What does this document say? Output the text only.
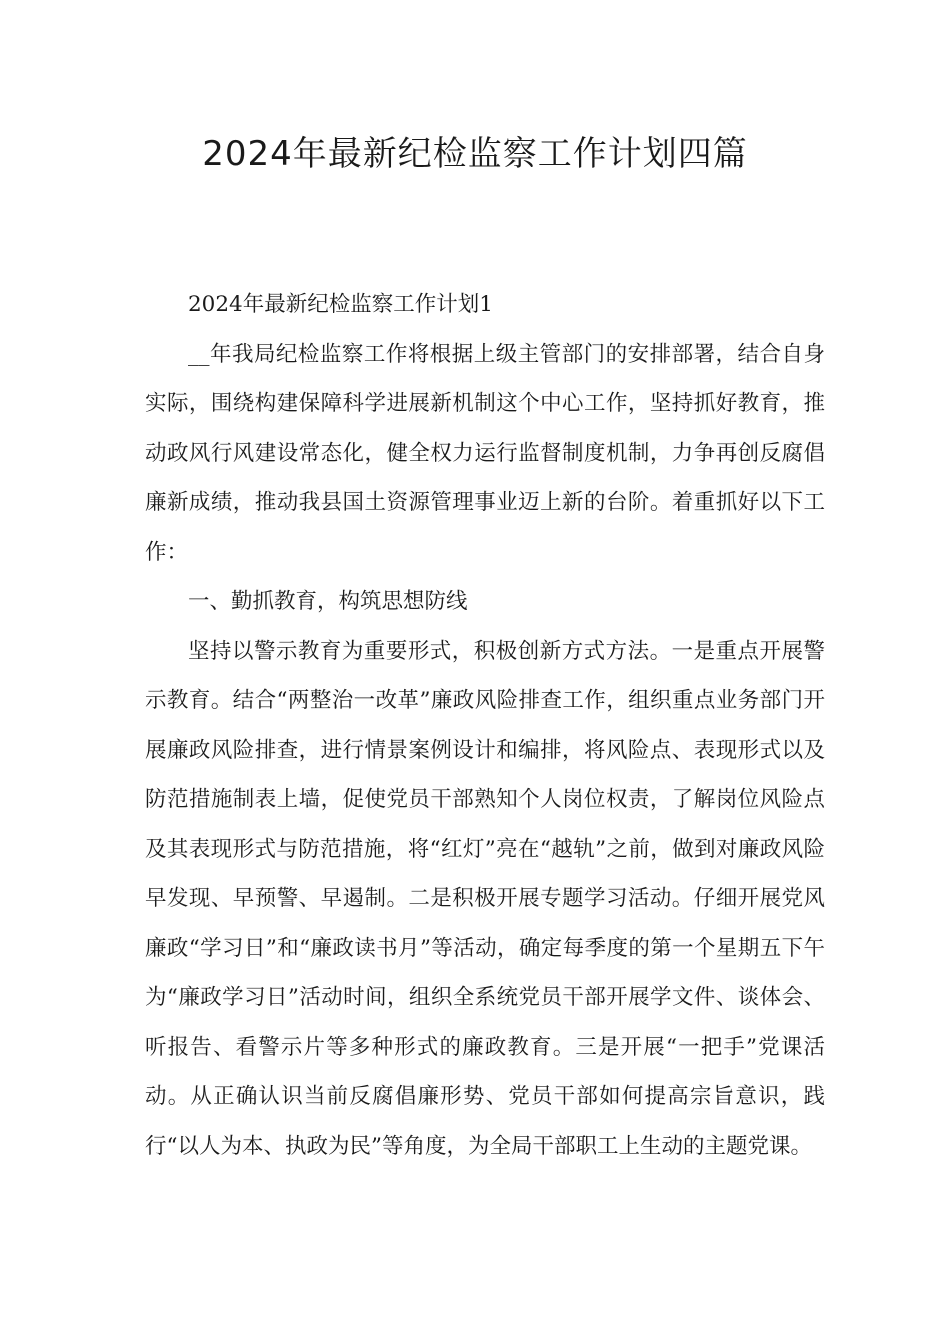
2024年最新纪检监察工作计划四篇

2024年最新纪检监察工作计划1

__年我局纪检监察工作将根据上级主管部门的安排部署，结合自身实际，围绕构建保障科学进展新机制这个中心工作，坚持抓好教育，推动政风行风建设常态化，健全权力运行监督制度机制，力争再创反腐倡廉新成绩，推动我县国土资源管理事业迈上新的台阶。着重抓好以下工作：

一、勤抓教育，构筑思想防线

坚持以警示教育为重要形式，积极创新方式方法。一是重点开展警示教育。结合“两整治一改革”廉政风险排查工作，组织重点业务部门开展廉政风险排查，进行情景案例设计和编排，将风险点、表现形式以及防范措施制表上墙，促使党员干部熟知个人岗位权责，了解岗位风险点及其表现形式与防范措施，将“红灯”亮在“越轨”之前，做到对廉政风险早发现、早预警、早遏制。二是积极开展专题学习活动。仔细开展党风廉政“学习日”和“廉政读书月”等活动，确定每季度的第一个星期五下午为“廉政学习日”活动时间，组织全系统党员干部开展学文件、谈体会、听报告、看警示片等多种形式的廉政教育。三是开展“一把手”党课活动。从正确认识当前反腐倡廉形势、党员干部如何提高宗旨意识，践行“以人为本、执政为民”等角度，为全局干部职工上生动的主题党课。
